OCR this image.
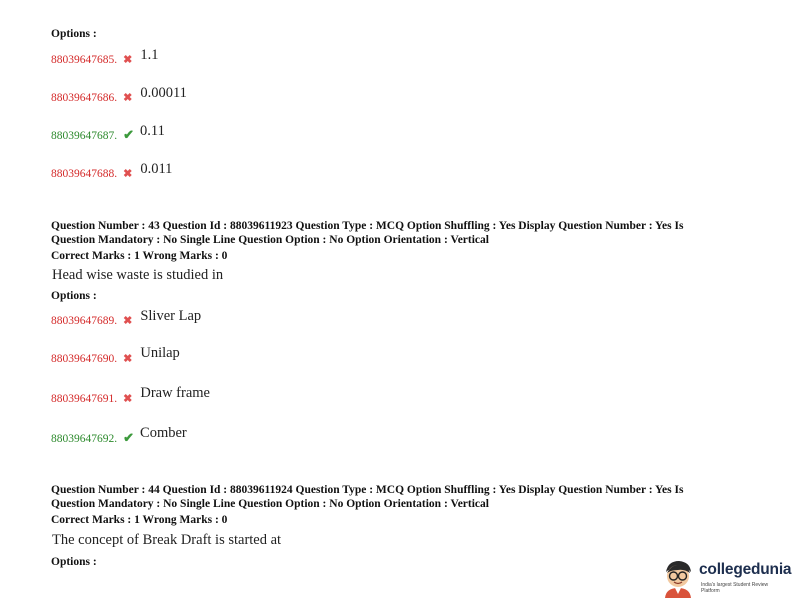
Options :
88039647685. ✖ 1.1
88039647686. ✖ 0.00011
88039647687. ✔ 0.11
88039647688. ✖ 0.011
Question Number : 43 Question Id : 88039611923 Question Type : MCQ Option Shuffling : Yes Display Question Number : Yes Is
Question Mandatory : No Single Line Question Option : No Option Orientation : Vertical
Correct Marks : 1 Wrong Marks : 0
Head wise waste is studied in
Options :
88039647689. ✖ Sliver Lap
88039647690. ✖ Unilap
88039647691. ✖ Draw frame
88039647692. ✔ Comber
Question Number : 44 Question Id : 88039611924 Question Type : MCQ Option Shuffling : Yes Display Question Number : Yes Is
Question Mandatory : No Single Line Question Option : No Option Orientation : Vertical
Correct Marks : 1 Wrong Marks : 0
The concept of Break Draft is started at
Options :	collegedunia
India's largest Student Review Platform
